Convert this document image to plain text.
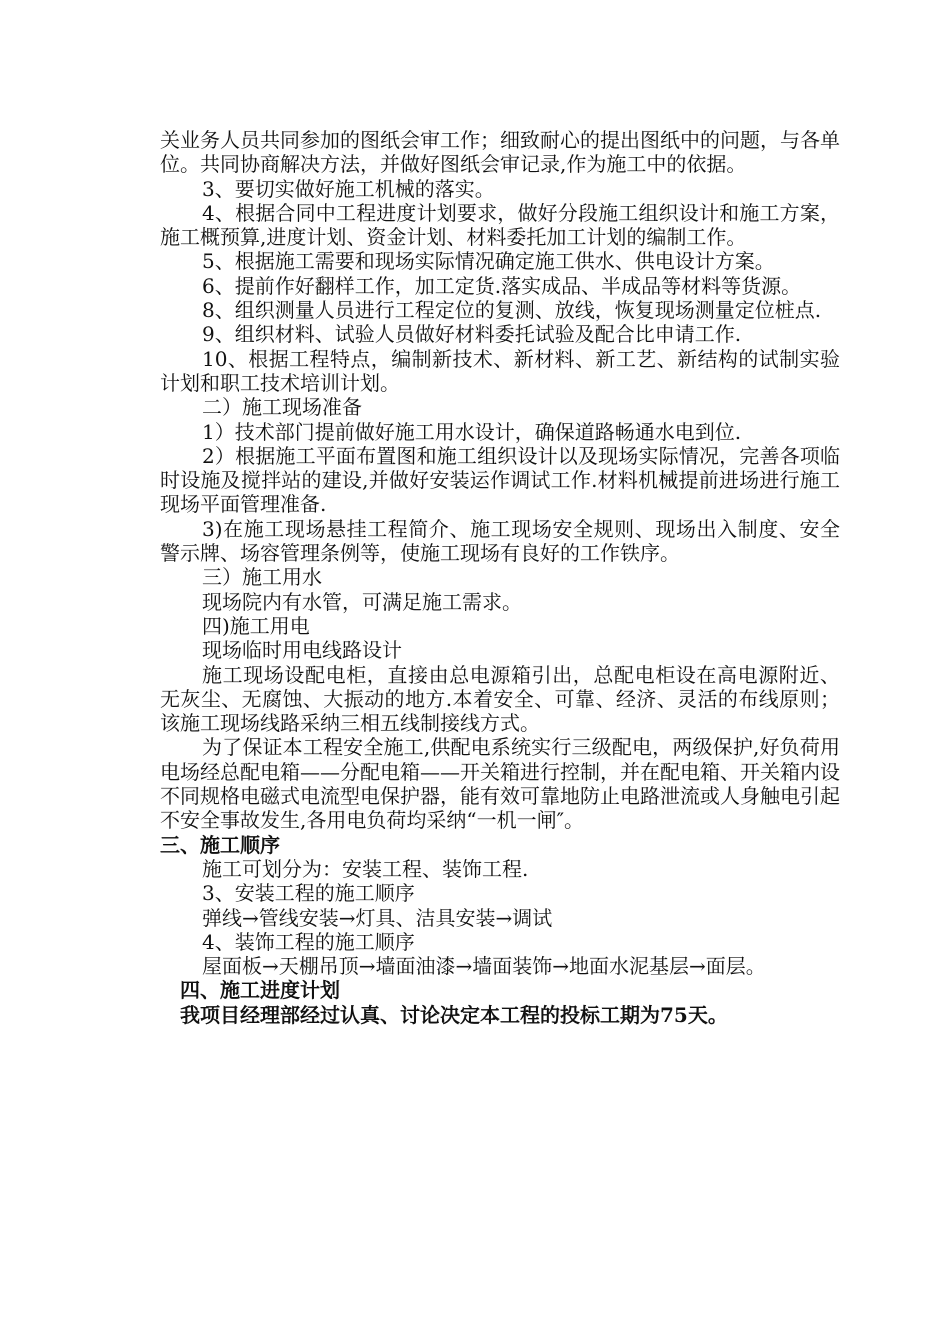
关业务人员共同参加的图纸会审工作；细致耐心的提出图纸中的问题，与各单位。共同协商解决方法，并做好图纸会审记录,作为施工中的依据。

3、要切实做好施工机械的落实。

4、根据合同中工程进度计划要求，做好分段施工组织设计和施工方案，施工概预算,进度计划、资金计划、材料委托加工计划的编制工作。

5、根据施工需要和现场实际情况确定施工供水、供电设计方案。

6、提前作好翻样工作，加工定货.落实成品、半成品等材料等货源。

8、组织测量人员进行工程定位的复测、放线，恢复现场测量定位桩点.

9、组织材料、试验人员做好材料委托试验及配合比申请工作.

10、根据工程特点，编制新技术、新材料、新工艺、新结构的试制实验计划和职工技术培训计划。

二）施工现场准备

1）技术部门提前做好施工用水设计，确保道路畅通水电到位.

2）根据施工平面布置图和施工组织设计以及现场实际情况，完善各项临时设施及搅拌站的建设,并做好安装运作调试工作.材料机械提前进场进行施工现场平面管理准备.

3)在施工现场悬挂工程简介、施工现场安全规则、现场出入制度、安全警示牌、场容管理条例等，使施工现场有良好的工作铁序。

三）施工用水

现场院内有水管，可满足施工需求。

四)施工用电

现场临时用电线路设计

施工现场设配电柜，直接由总电源箱引出，总配电柜设在高电源附近、无灰尘、无腐蚀、大振动的地方.本着安全、可靠、经济、灵活的布线原则；该施工现场线路采纳三相五线制接线方式。

为了保证本工程安全施工,供配电系统实行三级配电，两级保护,好负荷用电场经总配电箱——分配电箱——开关箱进行控制，并在配电箱、开关箱内设不同规格电磁式电流型电保护器，能有效可靠地防止电路泄流或人身触电引起不安全事故发生,各用电负荷均采纳“一机一闸″。

三、施工顺序

施工可划分为：安装工程、装饰工程.

3、安装工程的施工顺序

弹线→管线安装→灯具、洁具安装→调试

4、装饰工程的施工顺序

屋面板→天棚吊顶→墙面油漆→墙面装饰→地面水泥基层→面层。

四、施工进度计划

我项目经理部经过认真、讨论决定本工程的投标工期为75天。
